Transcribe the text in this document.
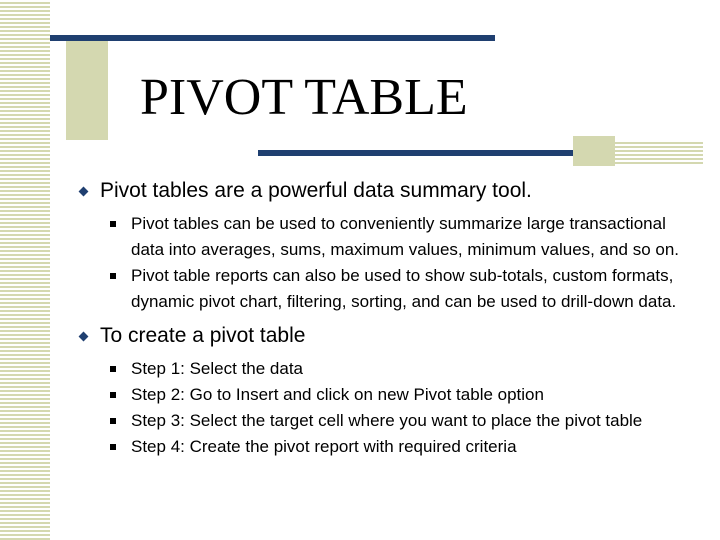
PIVOT TABLE
Pivot tables are a powerful data summary tool.
Pivot tables can be used to conveniently summarize large transactional data into averages, sums, maximum values, minimum values, and so on.
Pivot table reports can also be used to show sub-totals, custom formats, dynamic pivot chart, filtering, sorting, and can be used to drill-down data.
To create a pivot table
Step 1: Select the data
Step 2: Go to Insert and click on new Pivot table option
Step 3: Select the target cell where you want to place the pivot table
Step 4: Create the pivot report with required criteria
